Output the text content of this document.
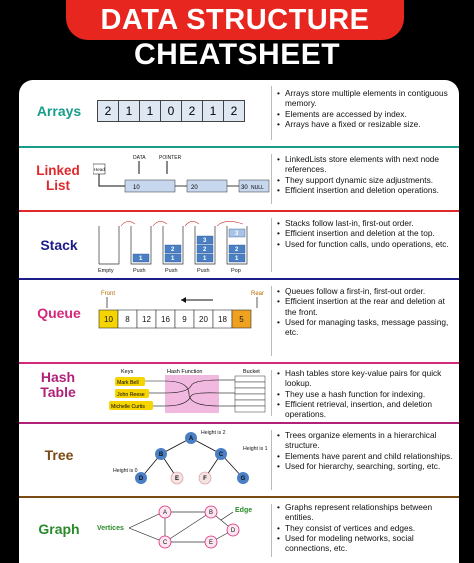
DATA STRUCTURE
CHEATSHEET
Arrays	2	1	1	0	2	1	2
• Arrays store multiple elements in contiguous memory.
• Elements are accessed by index.
• Arrays have a fixed or resizable size.
Linked List
Head
DATA	POINTER
10	20	30 NULL
• LinkedLists store elements with next node references.
• They support dynamic size adjustments.
• Efficient insertion and deletion operations.
Stack
1	1
2
1
2
3
1
2
3
Empty	Push	Push	Push	Pop
• Stacks follow last-in, first-out order.
• Efficient insertion and deletion at the top.
• Used for function calls, undo operations, etc.
Queue
Front	Rear
10 8 12 16 9 20 18 5
• Queues follow a first-in, first-out order.
• Efficient insertion at the rear and deletion at the front.
• Used for managing tasks, message passing, etc.
Hash Table
Keys	Hash Function	Bucket
Mark Bell
John Reese
Michelle Curtis
• Hash tables store key-value pairs for quick lookup.
• They use a hash function for indexing.
• Efficient retrieval, insertion, and deletion operations.
Tree
A
B	C
D	E	F	G
Height is 2
Height is 1
Height is 0
• Trees organize elements in a hierarchical structure.
• Elements have parent and child relationships.
• Used for hierarchy, searching, sorting, etc.
Graph
A	B
C
D
E
Vertices
Edge
•	Graphs represent relationships between entities.
• They consist of vertices and edges.
• Used for modeling networks, social connections, etc.
